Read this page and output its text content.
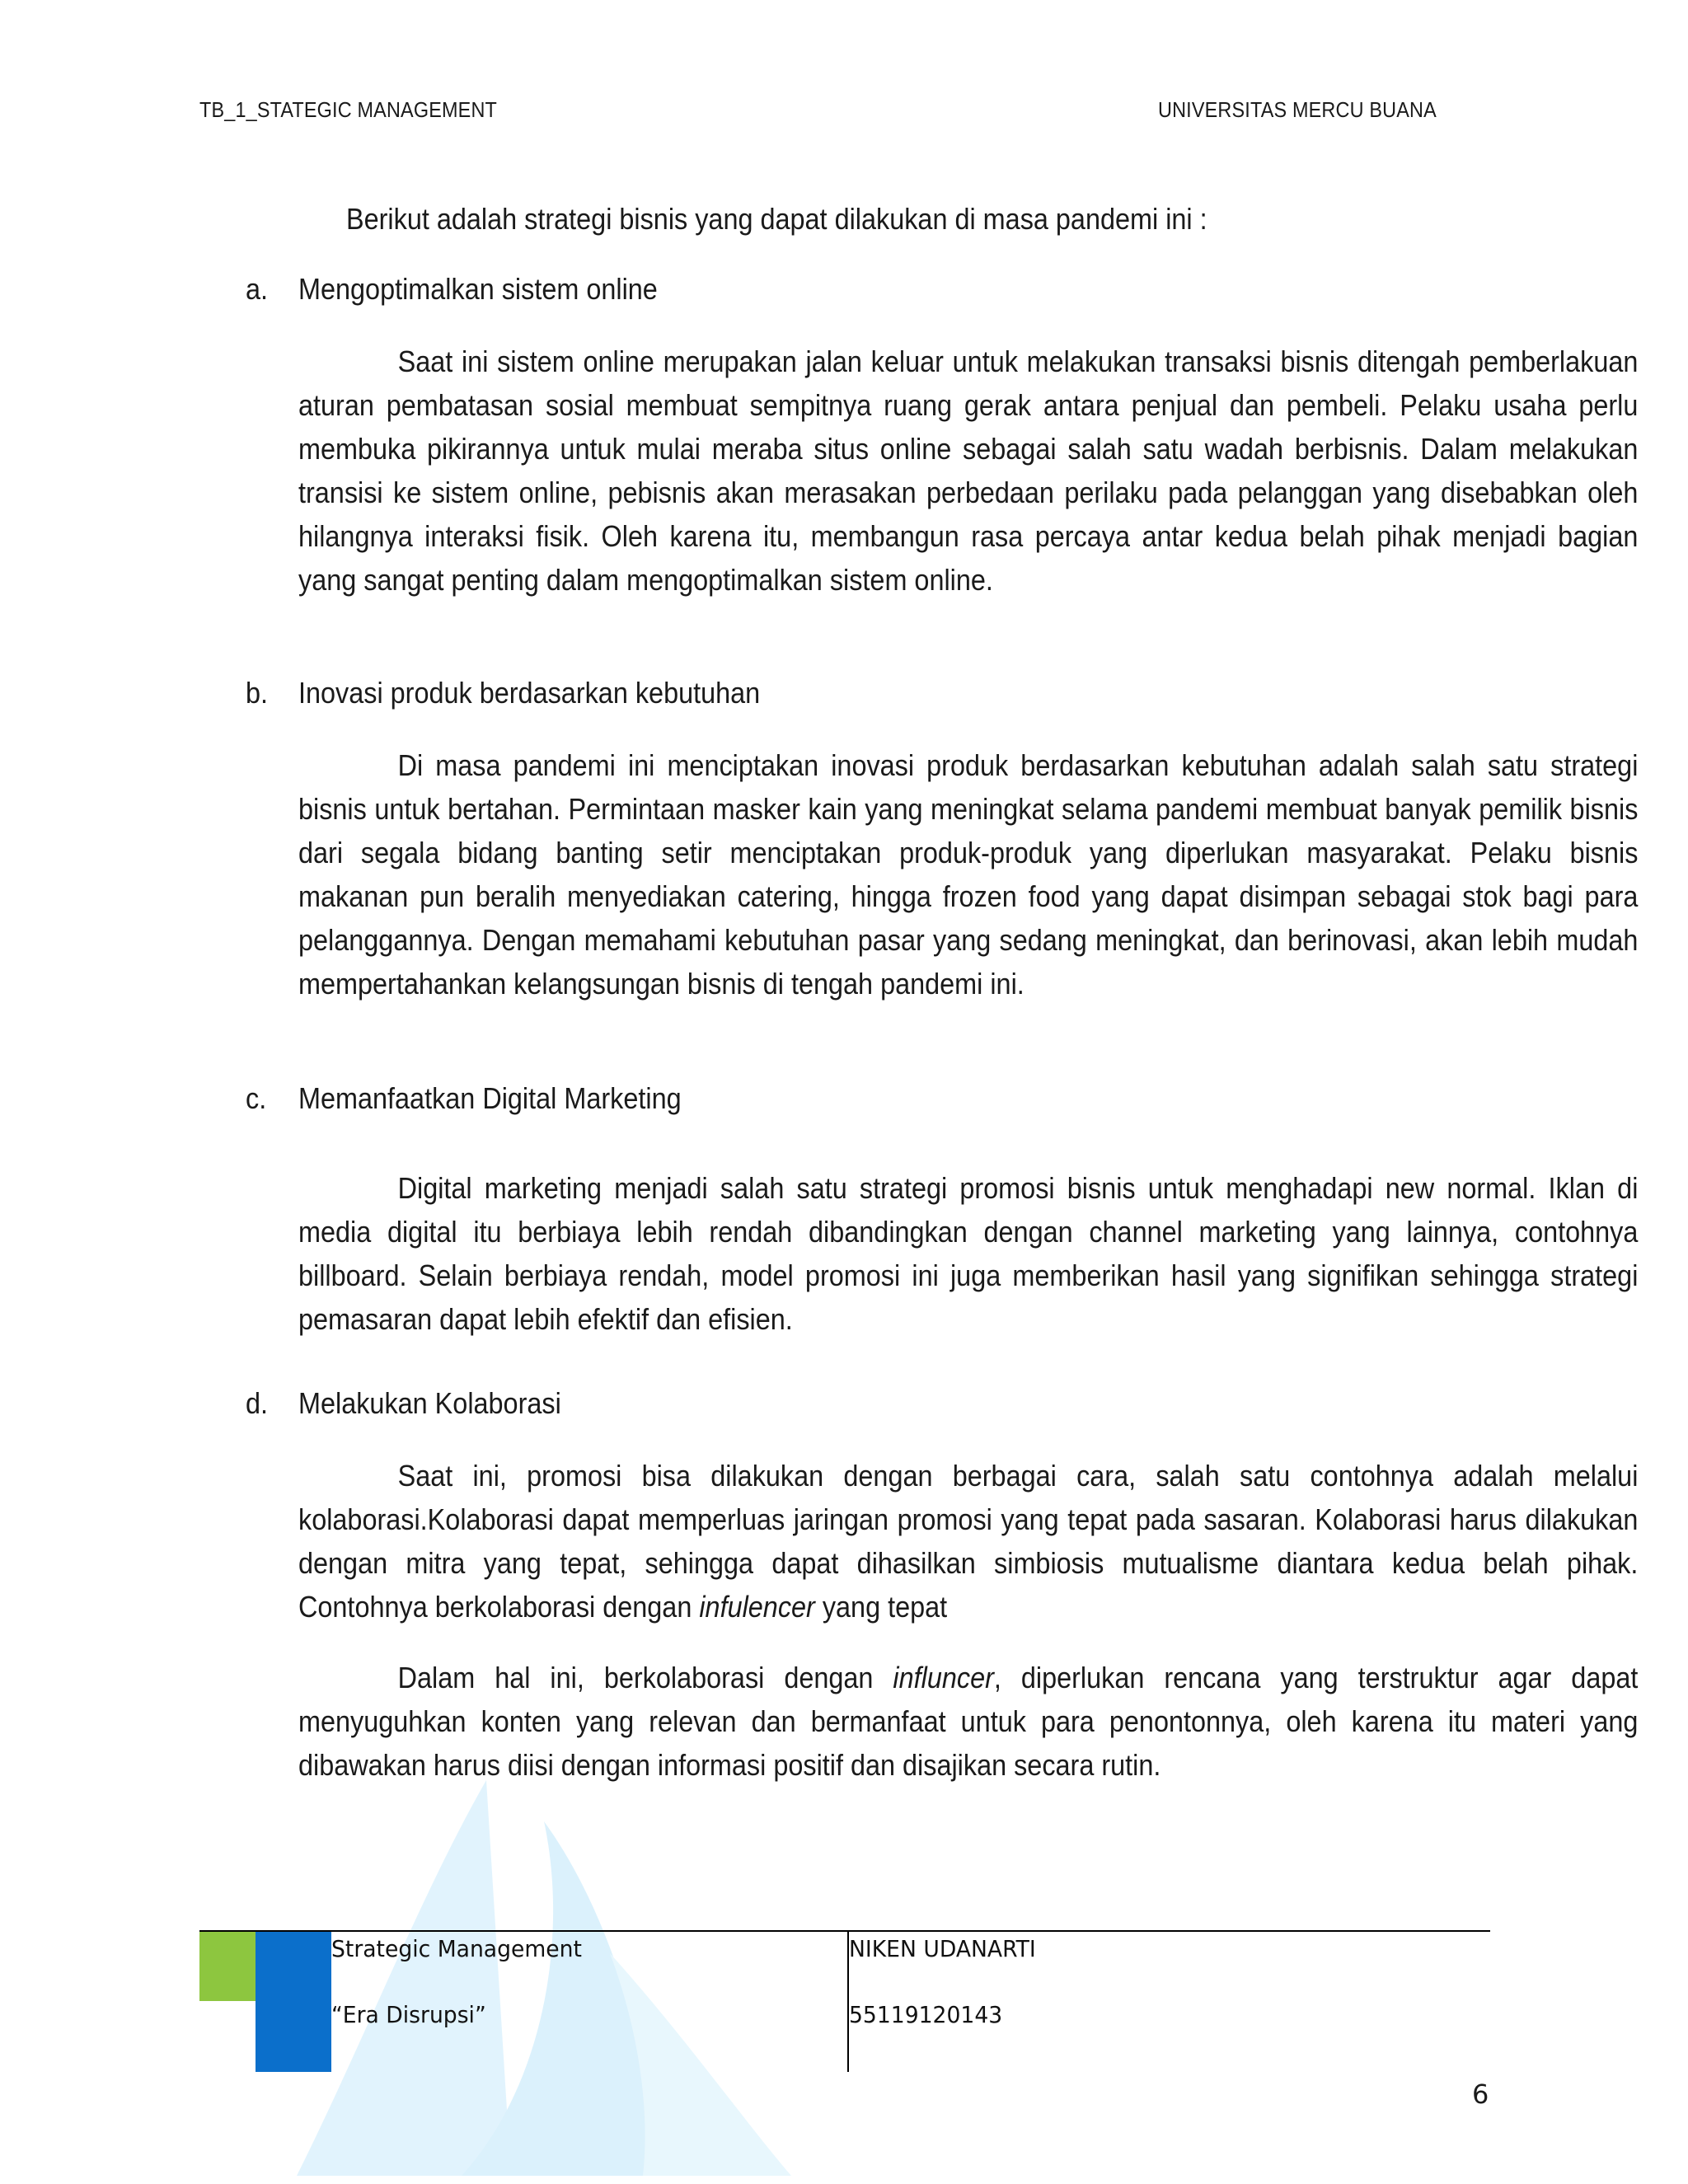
TB_1_STATEGIC MANAGEMENT	UNIVERSITAS MERCU BUANA
Berikut adalah strategi bisnis yang dapat dilakukan di masa pandemi ini :
a. Mengoptimalkan sistem online
Saat ini sistem online merupakan jalan keluar untuk melakukan transaksi bisnis ditengah pemberlakuan aturan pembatasan sosial membuat sempitnya ruang gerak antara penjual dan pembeli. Pelaku usaha perlu membuka pikirannya untuk mulai meraba situs online sebagai salah satu wadah berbisnis. Dalam melakukan transisi ke sistem online, pebisnis akan merasakan perbedaan perilaku pada pelanggan yang disebabkan oleh hilangnya interaksi fisik. Oleh karena itu, membangun rasa percaya antar kedua belah pihak menjadi bagian yang sangat penting dalam mengoptimalkan sistem online.
b. Inovasi produk berdasarkan kebutuhan
Di masa pandemi ini menciptakan inovasi produk berdasarkan kebutuhan adalah salah satu strategi bisnis untuk bertahan. Permintaan masker kain yang meningkat selama pandemi membuat banyak pemilik bisnis dari segala bidang banting setir menciptakan produk-produk yang diperlukan masyarakat. Pelaku bisnis makanan pun beralih menyediakan catering, hingga frozen food yang dapat disimpan sebagai stok bagi para pelanggannya. Dengan memahami kebutuhan pasar yang sedang meningkat, dan berinovasi, akan lebih mudah mempertahankan kelangsungan bisnis di tengah pandemi ini.
c. Memanfaatkan Digital Marketing
Digital marketing menjadi salah satu strategi promosi bisnis untuk menghadapi new normal. Iklan di media digital itu berbiaya lebih rendah dibandingkan dengan channel marketing yang lainnya, contohnya billboard. Selain berbiaya rendah, model promosi ini juga memberikan hasil yang signifikan sehingga strategi pemasaran dapat lebih efektif dan efisien.
d. Melakukan Kolaborasi
Saat ini, promosi bisa dilakukan dengan berbagai cara, salah satu contohnya adalah melalui kolaborasi.Kolaborasi dapat memperluas jaringan promosi yang tepat pada sasaran. Kolaborasi harus dilakukan dengan mitra yang tepat, sehingga dapat dihasilkan simbiosis mutualisme diantara kedua belah pihak. Contohnya berkolaborasi dengan infulencer yang tepat
Dalam hal ini, berkolaborasi dengan influncer, diperlukan rencana yang terstruktur agar dapat menyuguhkan konten yang relevan dan bermanfaat untuk para penontonnya, oleh karena itu materi yang dibawakan harus diisi dengan informasi positif dan disajikan secara rutin.
Strategic Management
“Era Disrupsi”
NIKEN UDANARTI
55119120143
6
